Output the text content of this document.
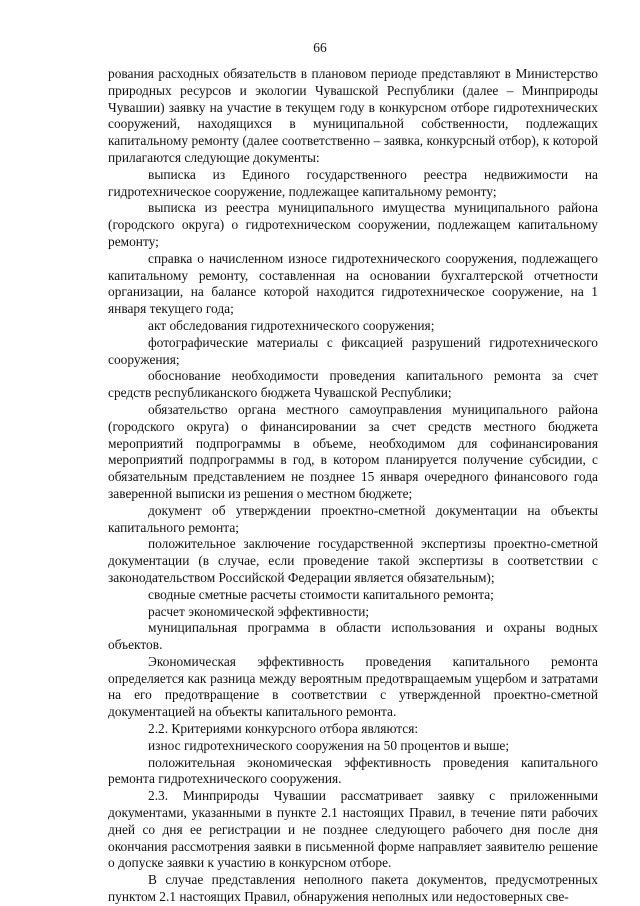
66

рования расходных обязательств в плановом периоде представляют в Министерство природных ресурсов и экологии Чувашской Республики (далее – Минприроды Чувашии) заявку на участие в текущем году в конкурсном отборе гидротехнических сооружений, находящихся в муниципальной собственности, подлежащих капитальному ремонту (далее соответственно – заявка, конкурсный отбор), к которой прилагаются следующие документы:

выписка из Единого государственного реестра недвижимости на гидротехническое сооружение, подлежащее капитальному ремонту;

выписка из реестра муниципального имущества муниципального района (городского округа) о гидротехническом сооружении, подлежащем капитальному ремонту;

справка о начисленном износе гидротехнического сооружения, подлежащего капитальному ремонту, составленная на основании бухгалтерской отчетности организации, на балансе которой находится гидротехническое сооружение, на 1 января текущего года;

акт обследования гидротехнического сооружения;

фотографические материалы с фиксацией разрушений гидротехнического сооружения;

обоснование необходимости проведения капитального ремонта за счет средств республиканского бюджета Чувашской Республики;

обязательство органа местного самоуправления муниципального района (городского округа) о финансировании за счет средств местного бюджета мероприятий подпрограммы в объеме, необходимом для софинансирования мероприятий подпрограммы в год, в котором планируется получение субсидии, с обязательным представлением не позднее 15 января очередного финансового года заверенной выписки из решения о местном бюджете;

документ об утверждении проектно-сметной документации на объекты капитального ремонта;

положительное заключение государственной экспертизы проектно-сметной документации (в случае, если проведение такой экспертизы в соответствии с законодательством Российской Федерации является обязательным);

сводные сметные расчеты стоимости капитального ремонта;

расчет экономической эффективности;

муниципальная программа в области использования и охраны водных объектов.

Экономическая эффективность проведения капитального ремонта определяется как разница между вероятным предотвращаемым ущербом и затратами на его предотвращение в соответствии с утвержденной проектно-сметной документацией на объекты капитального ремонта.

2.2. Критериями конкурсного отбора являются:

износ гидротехнического сооружения на 50 процентов и выше;

положительная экономическая эффективность проведения капитального ремонта гидротехнического сооружения.

2.3. Минприроды Чувашии рассматривает заявку с приложенными документами, указанными в пункте 2.1 настоящих Правил, в течение пяти рабочих дней со дня ее регистрации и не позднее следующего рабочего дня после дня окончания рассмотрения заявки в письменной форме направляет заявителю решение о допуске заявки к участию в конкурсном отборе.

В случае представления неполного пакета документов, предусмотренных пунктом 2.1 настоящих Правил, обнаружения неполных или недостоверных све-
